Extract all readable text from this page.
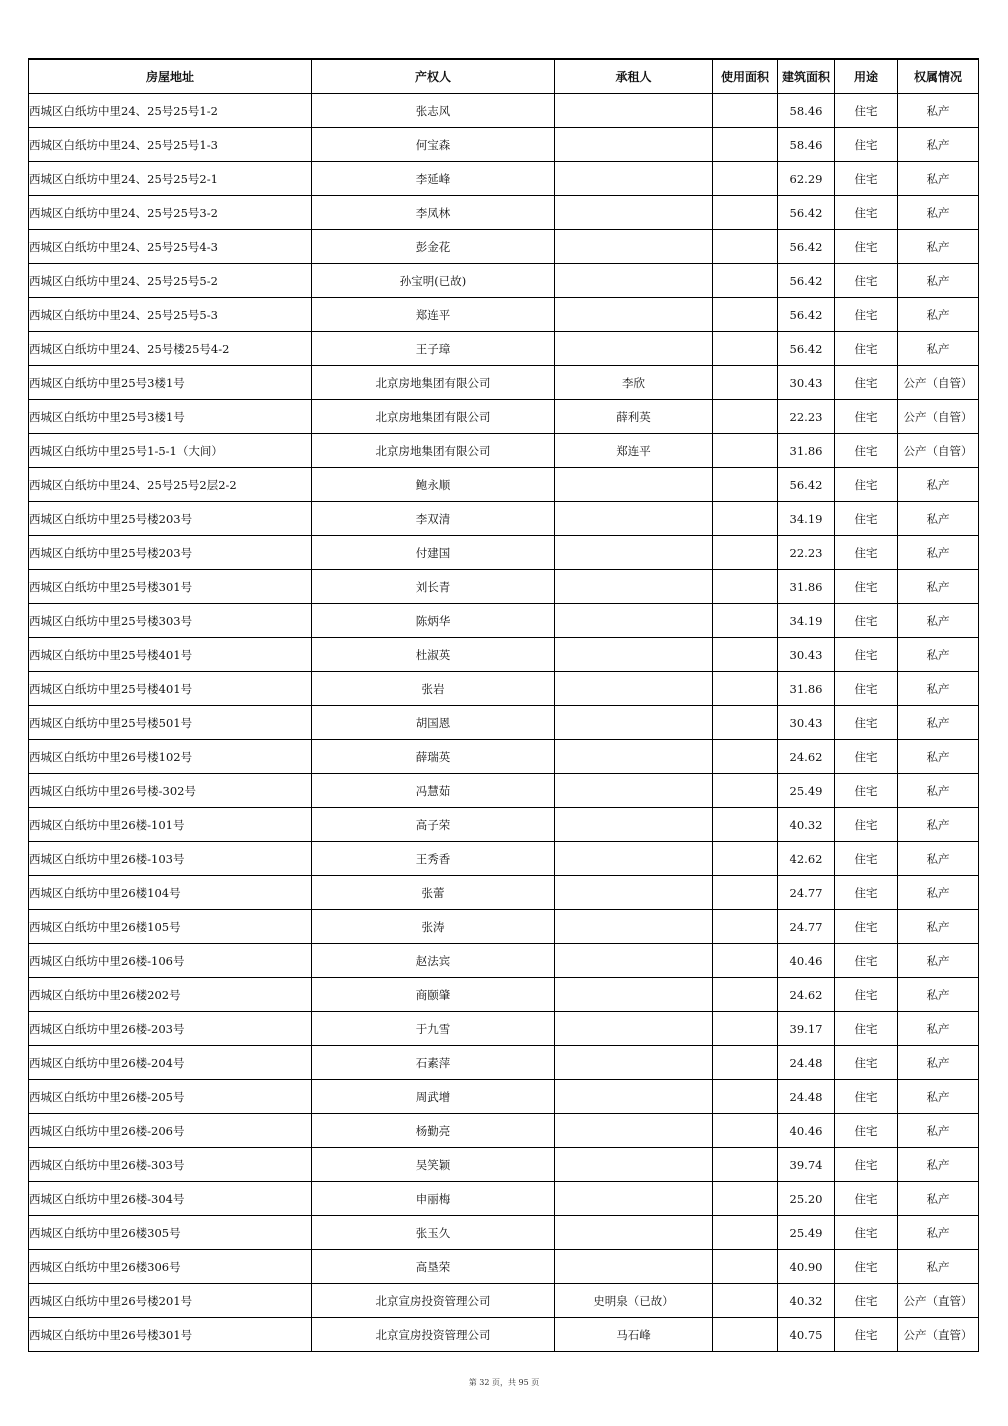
房屋地址	产权人	承租人	使用面积	建筑面积	用途	权属情况
西城区白纸坊中里24、25号25号1-2	张志风			58.46	住宅	私产
西城区白纸坊中里24、25号25号1-3	何宝森			58.46	住宅	私产
西城区白纸坊中里24、25号25号2-1	李延峰			62.29	住宅	私产
西城区白纸坊中里24、25号25号3-2	李凤林			56.42	住宅	私产
西城区白纸坊中里24、25号25号4-3	彭金花			56.42	住宅	私产
西城区白纸坊中里24、25号25号5-2	孙宝明(已故)			56.42	住宅	私产
西城区白纸坊中里24、25号25号5-3	郑连平			56.42	住宅	私产
西城区白纸坊中里24、25号楼25号4-2	王子璋			56.42	住宅	私产
西城区白纸坊中里25号3楼1号	北京房地集团有限公司	李欣		30.43	住宅	公产（自管）
西城区白纸坊中里25号3楼1号	北京房地集团有限公司	薛利英		22.23	住宅	公产（自管）
西城区白纸坊中里25号1-5-1（大间）	北京房地集团有限公司	郑连平		31.86	住宅	公产（自管）
西城区白纸坊中里24、25号25号2层2-2	鲍永顺			56.42	住宅	私产
西城区白纸坊中里25号楼203号	李双清			34.19	住宅	私产
西城区白纸坊中里25号楼203号	付建国			22.23	住宅	私产
西城区白纸坊中里25号楼301号	刘长青			31.86	住宅	私产
西城区白纸坊中里25号楼303号	陈炳华			34.19	住宅	私产
西城区白纸坊中里25号楼401号	杜淑英			30.43	住宅	私产
西城区白纸坊中里25号楼401号	张岩			31.86	住宅	私产
西城区白纸坊中里25号楼501号	胡国恩			30.43	住宅	私产
西城区白纸坊中里26号楼102号	薛瑞英			24.62	住宅	私产
西城区白纸坊中里26号楼-302号	冯慧茹			25.49	住宅	私产
西城区白纸坊中里26楼-101号	高子荣			40.32	住宅	私产
西城区白纸坊中里26楼-103号	王秀香			42.62	住宅	私产
西城区白纸坊中里26楼104号	张蕾			24.77	住宅	私产
西城区白纸坊中里26楼105号	张涛			24.77	住宅	私产
西城区白纸坊中里26楼-106号	赵法宾			40.46	住宅	私产
西城区白纸坊中里26楼202号	商颐肇			24.62	住宅	私产
西城区白纸坊中里26楼-203号	于九雪			39.17	住宅	私产
西城区白纸坊中里26楼-204号	石素萍			24.48	住宅	私产
西城区白纸坊中里26楼-205号	周武增			24.48	住宅	私产
西城区白纸坊中里26楼-206号	杨勤亮			40.46	住宅	私产
西城区白纸坊中里26楼-303号	吴笑颖			39.74	住宅	私产
西城区白纸坊中里26楼-304号	申丽梅			25.20	住宅	私产
西城区白纸坊中里26楼305号	张玉久			25.49	住宅	私产
西城区白纸坊中里26楼306号	高垦荣			40.90	住宅	私产
西城区白纸坊中里26号楼201号	北京宣房投资管理公司	史明泉（已故）		40.32	住宅	公产（直管）
西城区白纸坊中里26号楼301号	北京宣房投资管理公司	马石峰		40.75	住宅	公产（直管）
第 32 页，共 95 页
